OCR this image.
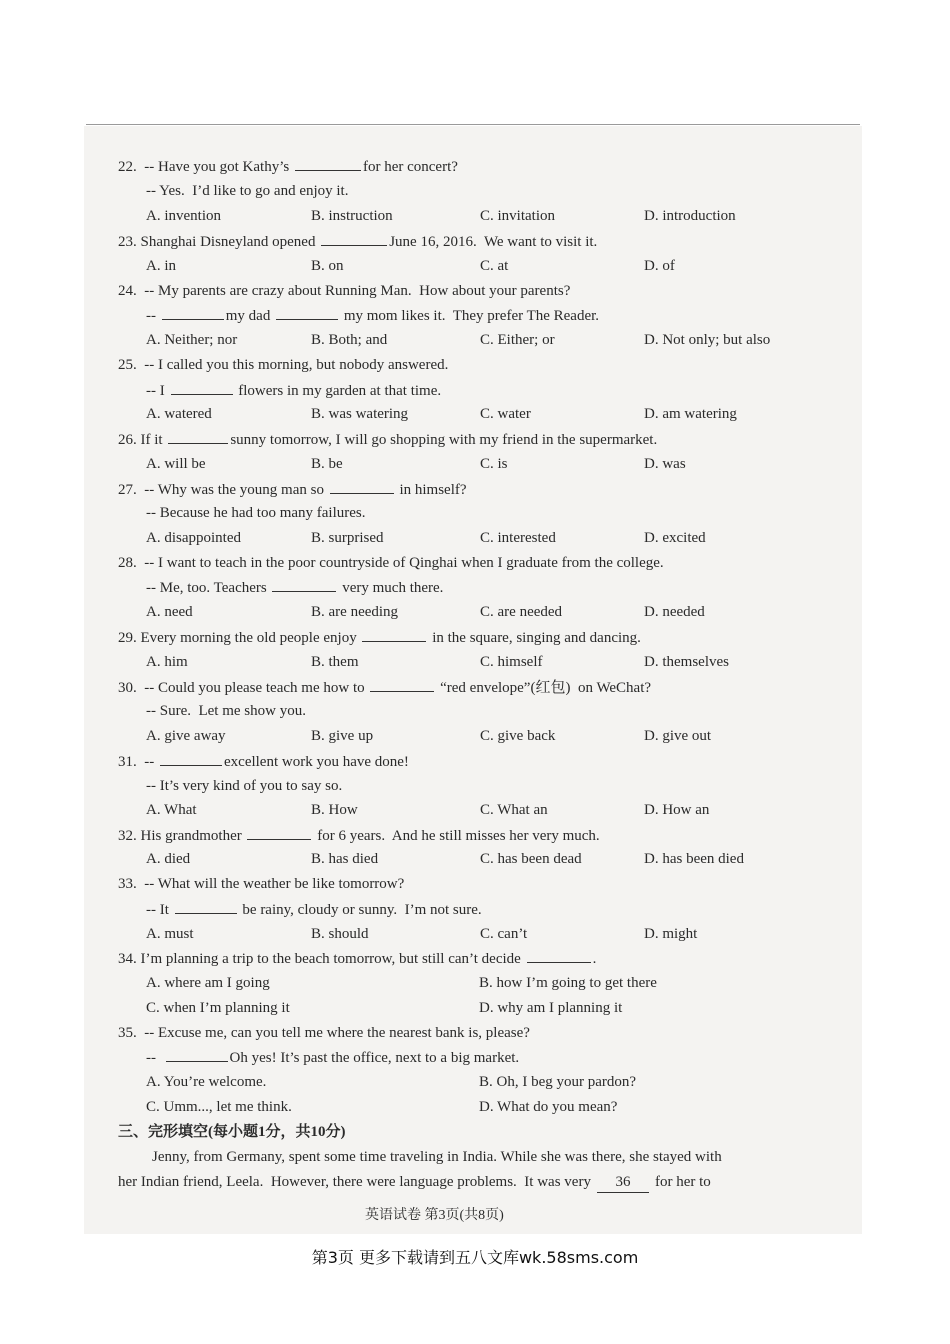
22.  -- Have you got Kathy’s	for her concert?
-- Yes.  I’d like to go and enjoy it.
A. invention	B. instruction	C. invitation	D. introduction
23. Shanghai Disneyland opened	June 16, 2016.  We want to visit it.
A. in	B. on	C. at	D. of
24.  -- My parents are crazy about Running Man.  How about your parents?
--	my dad	my mom likes it.  They prefer The Reader.
A. Neither; nor	B. Both; and	C. Either; or	D. Not only; but also
25.  -- I called you this morning, but nobody answered.
-- I	flowers in my garden at that time.
A. watered	B. was watering	C. water	D. am watering
26. If it	sunny tomorrow, I will go shopping with my friend in the supermarket.
A. will be	B. be	C. is	D. was
27.  -- Why was the young man so	in himself?
-- Because he had too many failures.
A. disappointed	B. surprised	C. interested	D. excited
28.  -- I want to teach in the poor countryside of Qinghai when I graduate from the college.
-- Me, too. Teachers	very much there.
A. need	B. are needing	C. are needed	D. needed
29. Every morning the old people enjoy	in the square, singing and dancing.
A. him	B. them	C. himself	D. themselves
30.  -- Could you please teach me how to	“red envelope”(红包)  on WeChat?
-- Sure.  Let me show you.
A. give away	B. give up	C. give back	D. give out
31.  --	excellent work you have done!
-- It’s very kind of you to say so.
A. What	B. How	C. What an	D. How an
32. His grandmother	for 6 years.  And he still misses her very much.
A. died	B. has died	C. has been dead	D. has been died
33.  -- What will the weather be like tomorrow?
-- It	be rainy, cloudy or sunny.  I’m not sure.
A. must	B. should	C. can’t	D. might
34. I’m planning a trip to the beach tomorrow, but still can’t decide	.
A. where am I going	B. how I’m going to get there
C. when I’m planning it	D. why am I planning it
35.  -- Excuse me, can you tell me where the nearest bank is, please?
--	Oh yes! It’s past the office, next to a big market.
A. You’re welcome.	B. Oh, I beg your pardon?
C. Umm..., let me think.	D. What do you mean?
三、完形填空(每小题1分，共10分)
Jenny, from Germany, spent some time traveling in India. While she was there, she stayed with
her Indian friend, Leela.  However, there were language problems.  It was very 36 for her to
英语试卷 第3页(共8页)
第3页 更多下载请到五八文库wk.58sms.com
